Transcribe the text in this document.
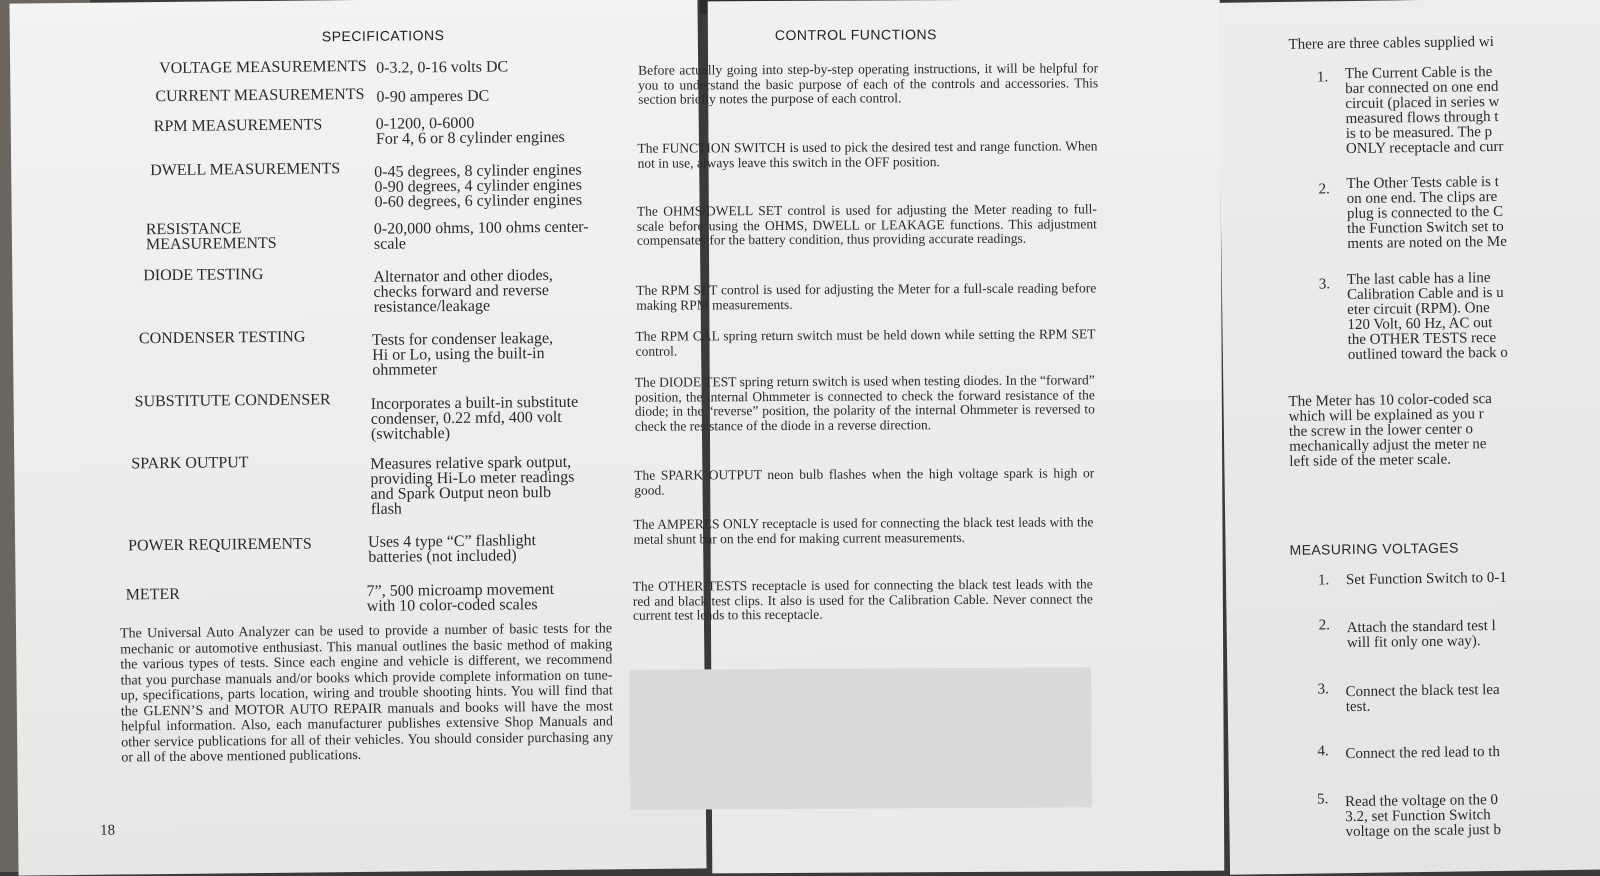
SPECIFICATIONS
VOLTAGE MEASUREMENTS 0-3.2, 0-16 volts DC
CURRENT MEASUREMENTS 0-90 amperes DC
RPM MEASUREMENTS	0-1200, 0-6000
For 4, 6 or 8 cylinder engines
DWELL MEASUREMENTS 0-45 degrees, 8 cylinder engines
0-90 degrees, 4 cylinder engines
0-60 degrees, 6 cylinder engines
RESISTANCE
MEASUREMENTS
0-20,000 ohms, 100 ohms center-
scale
DIODE TESTING	Alternator and other diodes,
checks forward and reverse
resistance/leakage
CONDENSER TESTING	Tests for condenser leakage,
Hi or Lo, using the built-in
ohmmeter
SUBSTITUTE CONDENSER Incorporates a built-in substitute
condenser, 0.22 mfd, 400 volt
(switchable)
SPARK OUTPUT	Measures relative spark output,
providing Hi-Lo meter readings
and Spark Output neon bulb
flash
POWER REQUIREMENTS	Uses 4 type “C” flashlight
batteries (not included)
METER	7”, 500 microamp movement
with 10 color-coded scales
The Universal Auto Analyzer can be used to provide a number of basic tests for the mechanic or automotive enthusiast. This manual outlines the basic method of making the various types of tests. Since each engine and vehicle is different, we recommend that you purchase manuals and/or books which provide complete information on tune-up, specifications, parts location, wiring and trouble shooting hints. You will find that the GLENN’S and MOTOR AUTO REPAIR manuals and books will have the most helpful information. Also, each manufacturer publishes extensive Shop Manuals and other service publications for all of their vehicles. You should consider purchasing any or all of the above mentioned publications.
18
CONTROL FUNCTIONS
Before actually going into step-by-step operating instructions, it will be helpful for you to understand the basic purpose of each of the controls and accessories. This section briefly notes the purpose of each control.
The FUNCTION SWITCH is used to pick the desired test and range function. When not in use, always leave this switch in the OFF position.
The OHMS/DWELL SET control is used for adjusting the Meter reading to full-scale before using the OHMS, DWELL or LEAKAGE functions. This adjustment compensates for the battery condition, thus providing accurate readings.
The RPM SET control is used for adjusting the Meter for a full-scale reading before making RPM measurements.
The RPM CAL spring return switch must be held down while setting the RPM SET control.
The DIODE TEST spring return switch is used when testing diodes. In the “forward” position, the internal Ohmmeter is connected to check the forward resistance of the diode; in the “reverse” position, the polarity of the internal Ohmmeter is reversed to check the resistance of the diode in a reverse direction.
The SPARK OUTPUT neon bulb flashes when the high voltage spark is high or good.
The AMPERES ONLY receptacle is used for connecting the black test leads with the metal shunt bar on the end for making current measurements.
The OTHER TESTS receptacle is used for connecting the black test leads with the red and black test clips. It also is used for the Calibration Cable. Never connect the current test leads to this receptacle.
There are three cables supplied wi
1. The Current Cable is the
bar connected on one end
circuit (placed in series w
measured flows through t
is to be measured. The p
ONLY receptacle and curr
2. The Other Tests cable is t
on one end. The clips are
plug is connected to the C
the Function Switch set to
ments are noted on the Me
3. The last cable has a line
Calibration Cable and is u
eter circuit (RPM). One
120 Volt, 60 Hz, AC out
the OTHER TESTS rece
outlined toward the back o
The Meter has 10 color-coded sca
which will be explained as you r
the screw in the lower center o
mechanically adjust the meter ne
left side of the meter scale.
MEASURING VOLTAGES
1. Set Function Switch to 0-1
2. Attach the standard test l
will fit only one way).
3. Connect the black test lea
test.
4. Connect the red lead to th
5. Read the voltage on the 0
3.2, set Function Switch
voltage on the scale just b
